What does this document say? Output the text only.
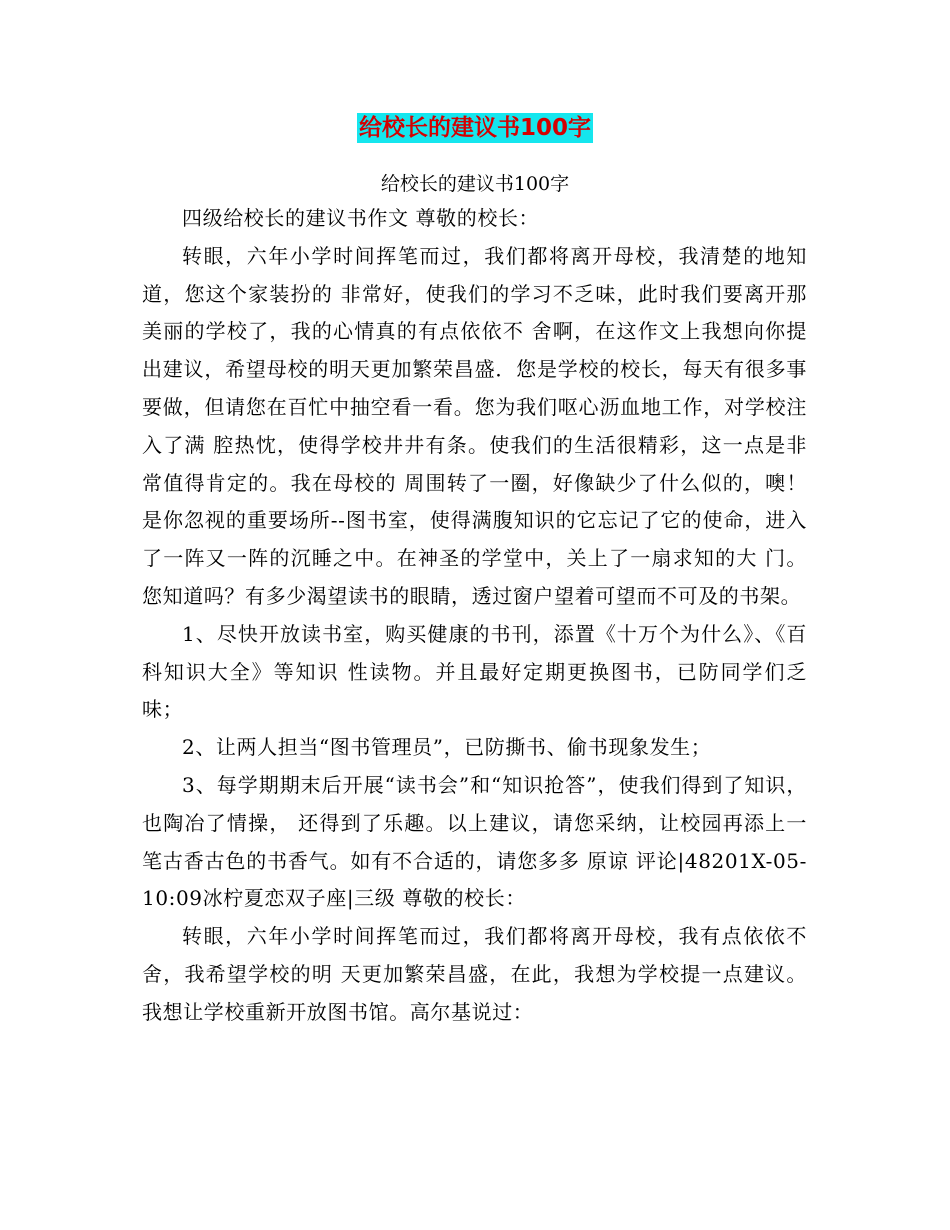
给校长的建议书100字
给校长的建议书100字

四级给校长的建议书作文 尊敬的校长：

转眼，六年小学时间挥笔而过，我们都将离开母校，我清楚的地知道，您这个家装扮的 非常好，使我们的学习不乏味，此时我们要离开那美丽的学校了，我的心情真的有点依依不 舍啊，在这作文上我想向你提出建议，希望母校的明天更加繁荣昌盛．您是学校的校长，每天有很多事要做，但请您在百忙中抽空看一看。您为我们呕心沥血地工作，对学校注入了满 腔热忱，使得学校井井有条。使我们的生活很精彩，这一点是非常值得肯定的。我在母校的 周围转了一圈，好像缺少了什么似的，噢！是你忽视的重要场所--图书室，使得满腹知识的它忘记了它的使命，进入了一阵又一阵的沉睡之中。在神圣的学堂中，关上了一扇求知的大 门。您知道吗？有多少渴望读书的眼睛，透过窗户望着可望而不可及的书架。

1、尽快开放读书室，购买健康的书刊，添置《十万个为什么》、《百科知识大全》等知识 性读物。并且最好定期更换图书，已防同学们乏味；

2、让两人担当“图书管理员”，已防撕书、偷书现象发生；

3、每学期期末后开展“读书会”和“知识抢答”，使我们得到了知识，也陶冶了情操， 还得到了乐趣。以上建议，请您采纳，让校园再添上一笔古香古色的书香气。如有不合适的，请您多多 原谅 评论|48201X-05-10:09冰柠夏恋双子座|三级 尊敬的校长：

转眼，六年小学时间挥笔而过，我们都将离开母校，我有点依依不舍，我希望学校的明 天更加繁荣昌盛，在此，我想为学校提一点建议。我想让学校重新开放图书馆。高尔基说过：
